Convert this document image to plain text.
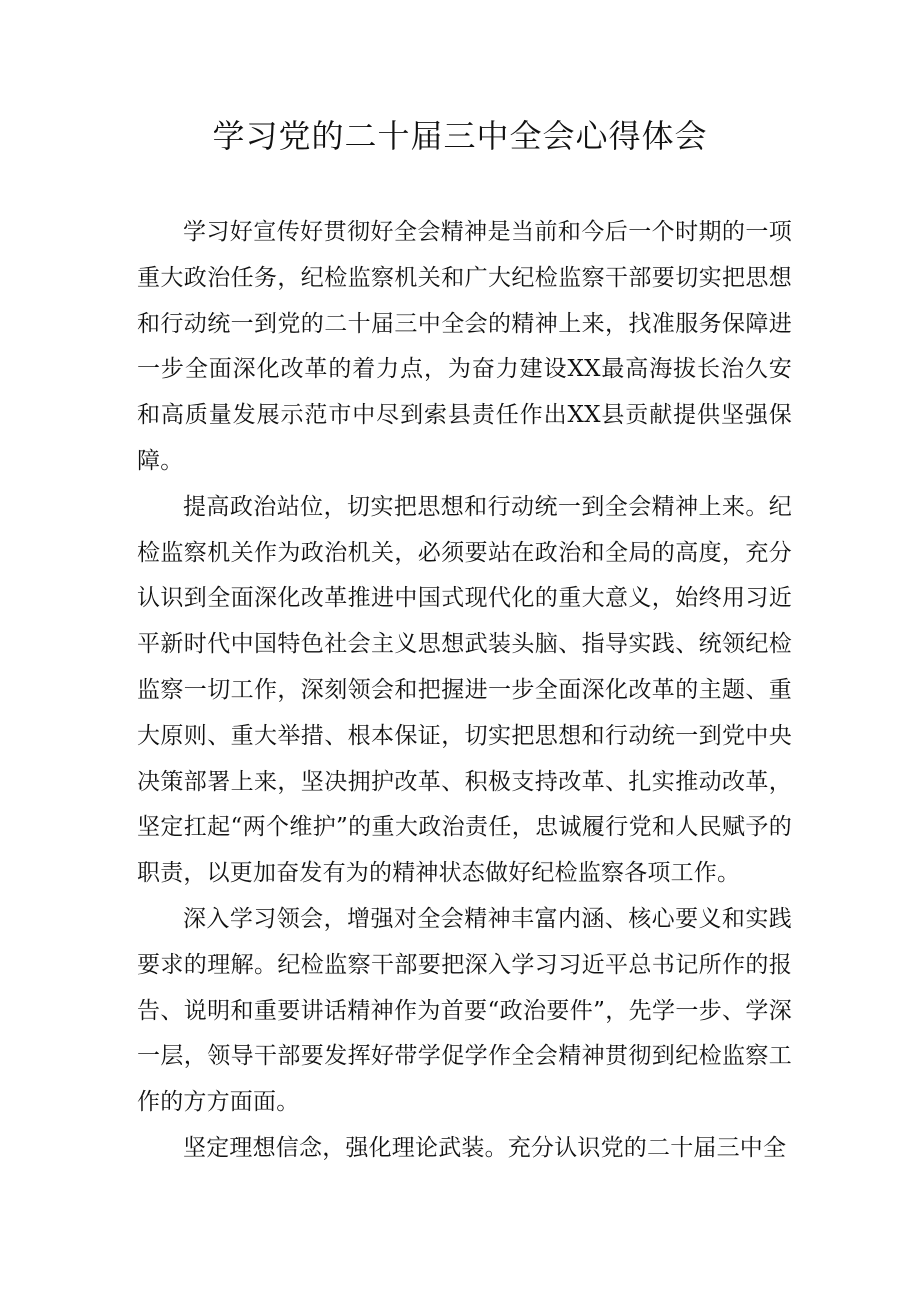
学习党的二十届三中全会心得体会

学习好宣传好贯彻好全会精神是当前和今后一个时期的一项重大政治任务，纪检监察机关和广大纪检监察干部要切实把思想和行动统一到党的二十届三中全会的精神上来，找准服务保障进一步全面深化改革的着力点，为奋力建设XX最高海拔长治久安和高质量发展示范市中尽到索县责任作出XX县贡献提供坚强保障。

提高政治站位，切实把思想和行动统一到全会精神上来。纪检监察机关作为政治机关，必须要站在政治和全局的高度，充分认识到全面深化改革推进中国式现代化的重大意义，始终用习近平新时代中国特色社会主义思想武装头脑、指导实践、统领纪检监察一切工作，深刻领会和把握进一步全面深化改革的主题、重大原则、重大举措、根本保证，切实把思想和行动统一到党中央决策部署上来，坚决拥护改革、积极支持改革、扎实推动改革，坚定扛起“两个维护”的重大政治责任，忠诚履行党和人民赋予的职责，以更加奋发有为的精神状态做好纪检监察各项工作。

深入学习领会，增强对全会精神丰富内涵、核心要义和实践要求的理解。纪检监察干部要把深入学习习近平总书记所作的报告、说明和重要讲话精神作为首要“政治要件”，先学一步、学深一层，领导干部要发挥好带学促学作全会精神贯彻到纪检监察工作的方方面面。

坚定理想信念，强化理论武装。充分认识党的二十届三中全
